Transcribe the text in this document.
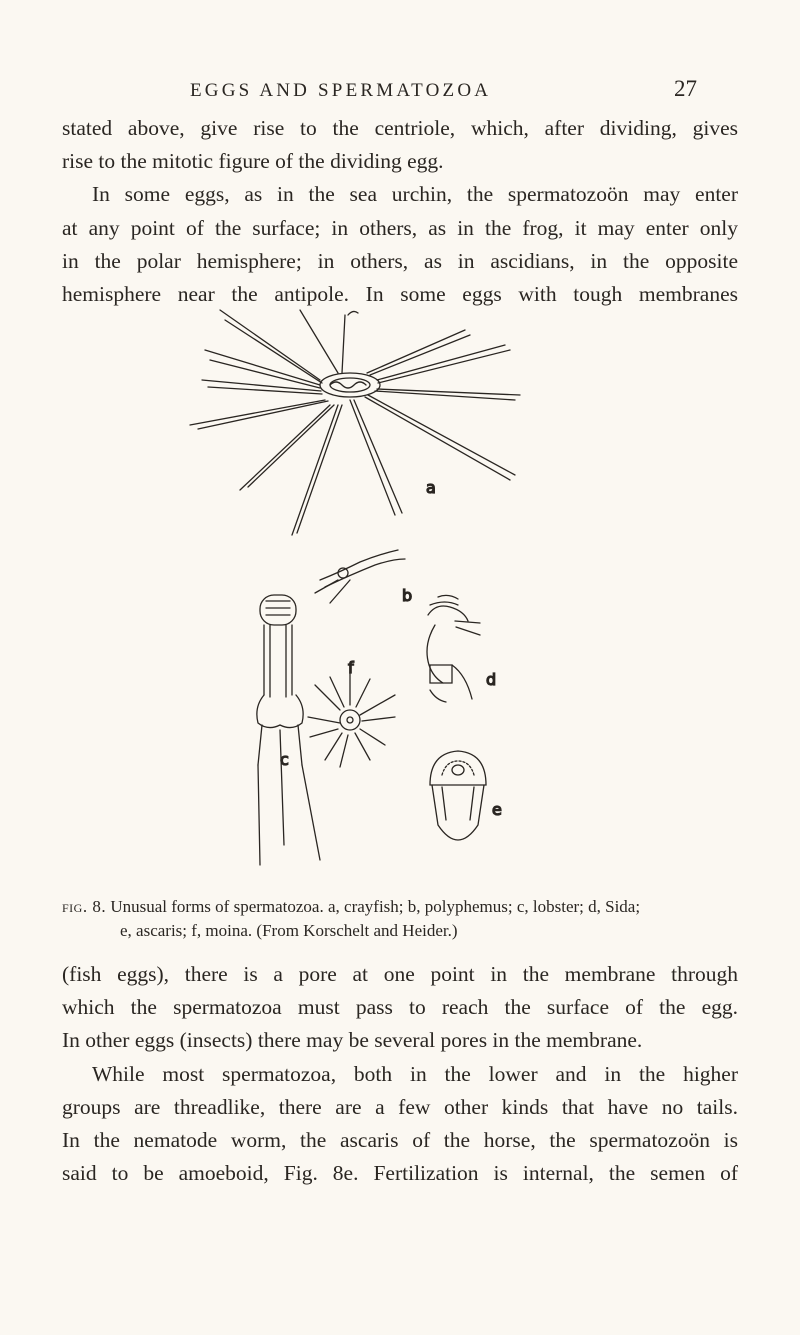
EGGS AND SPERMATOZOA	27

stated above, give rise to the centriole, which, after dividing, gives
rise to the mitotic figure of the dividing egg.
In some eggs, as in the sea urchin, the spermatozoön may enter
at any point of the surface; in others, as in the frog, it may enter only
in the polar hemisphere; in others, as in ascidians, in the opposite
hemisphere near the antipole. In some eggs with tough membranes

a
b
c
f
d
e

fig. 8. Unusual forms of spermatozoa. a, crayfish; b, polyphemus; c, lobster; d, Sida;
e, ascaris; f, moina. (From Korschelt and Heider.)

(fish eggs), there is a pore at one point in the membrane through
which the spermatozoa must pass to reach the surface of the egg.
In other eggs (insects) there may be several pores in the membrane.
While most spermatozoa, both in the lower and in the higher
groups are threadlike, there are a few other kinds that have no tails.
In the nematode worm, the ascaris of the horse, the spermatozoön is
said to be amoeboid, Fig. 8e. Fertilization is internal, the semen of
